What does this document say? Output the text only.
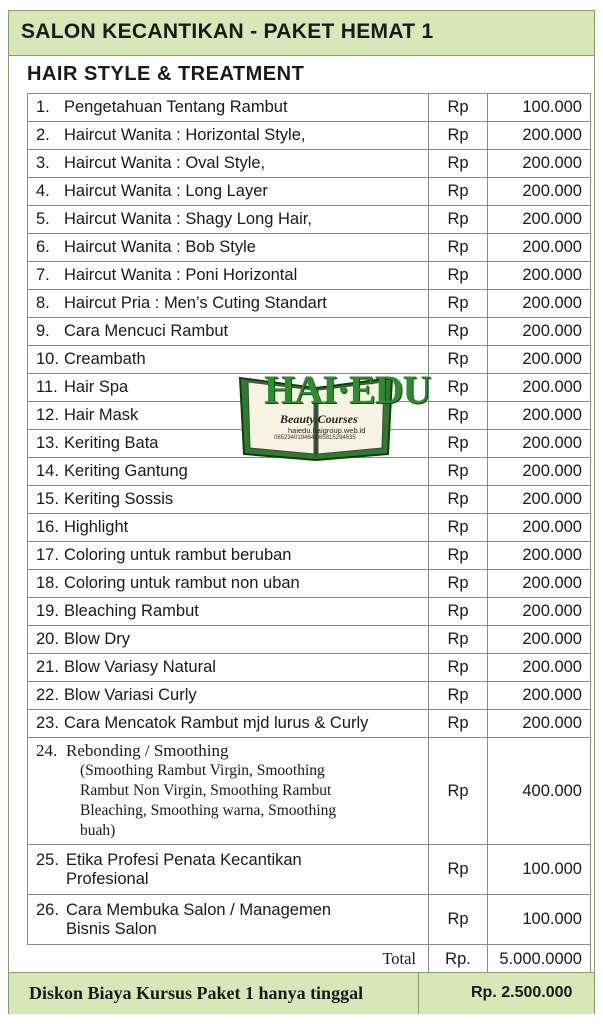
SALON KECANTIKAN - PAKET HEMAT 1
HAIR STYLE & TREATMENT
1. Pengetahuan Tentang Rambut	Rp	100.000

2. Haircut Wanita : Horizontal Style,	Rp	200.000

3. Haircut Wanita : Oval Style,	Rp	200.000

4. Haircut Wanita : Long Layer	Rp	200.000

5. Haircut Wanita : Shagy Long Hair,	Rp	200.000

6. Haircut Wanita : Bob Style	Rp	200.000

7. Haircut Wanita : Poni Horizontal	Rp	200.000

8. Haircut Pria : Men’s Cuting Standart	Rp	200.000

9. Cara Mencuci Rambut	Rp	200.000

10. Creambath	Rp	200.000

11. Hair Spa	Rp	200.000

12. Hair Mask	Rp	200.000

13. Keriting Bata	Rp	200.000

14. Keriting Gantung	Rp	200.000

15. Keriting Sossis	Rp	200.000

16. Highlight	Rp	200.000

17. Coloring untuk rambut beruban	Rp	200.000

18. Coloring untuk rambut non uban	Rp	200.000

19. Bleaching Rambut	Rp	200.000

20. Blow Dry	Rp	200.000

21. Blow Variasy Natural	Rp	200.000

22. Blow Variasi Curly	Rp	200.000

23. Cara Mencatok Rambut mjd lurus & Curly	Rp	200.000

24. Rebonding / Smoothing
(Smoothing Rambut Virgin, Smoothing
Rambut Non Virgin, Smoothing Rambut
Bleaching, Smoothing warna, Smoothing
buah)	Rp	400.000

25. Etika Profesi Penata Kecantikan
Profesional	Rp	100.000

26. Cara Membuka Salon / Managemen
Bisnis Salon	Rp	100.000
Total	Rp.	5.000.0000
Diskon Biaya Kursus Paket 1 hanya tinggal	Rp. 2.500.000
HAI·EDU
Beauty Courses
haiedu.haigroup.web.id
085234019464 085815294635
